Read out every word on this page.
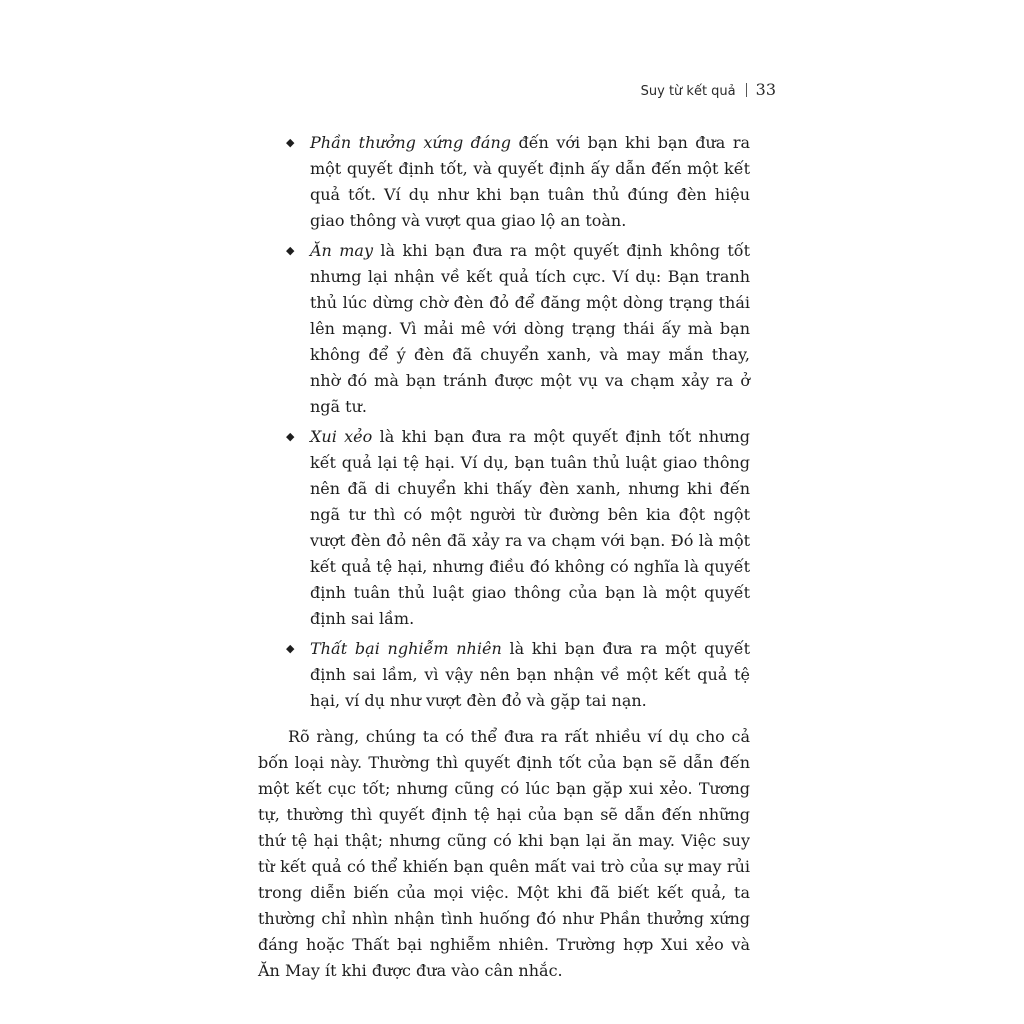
Suy từ kết quả 33
◆ Phần thưởng xứng đáng đến với bạn khi bạn đưa ra một quyết định tốt, và quyết định ấy dẫn đến một kết quả tốt. Ví dụ như khi bạn tuân thủ đúng đèn hiệu giao thông và vượt qua giao lộ an toàn.
◆ Ăn may là khi bạn đưa ra một quyết định không tốt nhưng lại nhận về kết quả tích cực. Ví dụ: Bạn tranh thủ lúc dừng chờ đèn đỏ để đăng một dòng trạng thái lên mạng. Vì mải mê với dòng trạng thái ấy mà bạn không để ý đèn đã chuyển xanh, và may mắn thay, nhờ đó mà bạn tránh được một vụ va chạm xảy ra ở ngã tư.
◆ Xui xẻo là khi bạn đưa ra một quyết định tốt nhưng kết quả lại tệ hại. Ví dụ, bạn tuân thủ luật giao thông nên đã di chuyển khi thấy đèn xanh, nhưng khi đến ngã tư thì có một người từ đường bên kia đột ngột vượt đèn đỏ nên đã xảy ra va chạm với bạn. Đó là một kết quả tệ hại, nhưng điều đó không có nghĩa là quyết định tuân thủ luật giao thông của bạn là một quyết định sai lầm.
◆ Thất bại nghiễm nhiên là khi bạn đưa ra một quyết định sai lầm, vì vậy nên bạn nhận về một kết quả tệ hại, ví dụ như vượt đèn đỏ và gặp tai nạn.

Rõ ràng, chúng ta có thể đưa ra rất nhiều ví dụ cho cả bốn loại này. Thường thì quyết định tốt của bạn sẽ dẫn đến một kết cục tốt; nhưng cũng có lúc bạn gặp xui xẻo. Tương tự, thường thì quyết định tệ hại của bạn sẽ dẫn đến những thứ tệ hại thật; nhưng cũng có khi bạn lại ăn may. Việc suy từ kết quả có thể khiến bạn quên mất vai trò của sự may rủi trong diễn biến của mọi việc. Một khi đã biết kết quả, ta thường chỉ nhìn nhận tình huống đó như Phần thưởng xứng đáng hoặc Thất bại nghiễm nhiên. Trường hợp Xui xẻo và Ăn May ít khi được đưa vào cân nhắc.
